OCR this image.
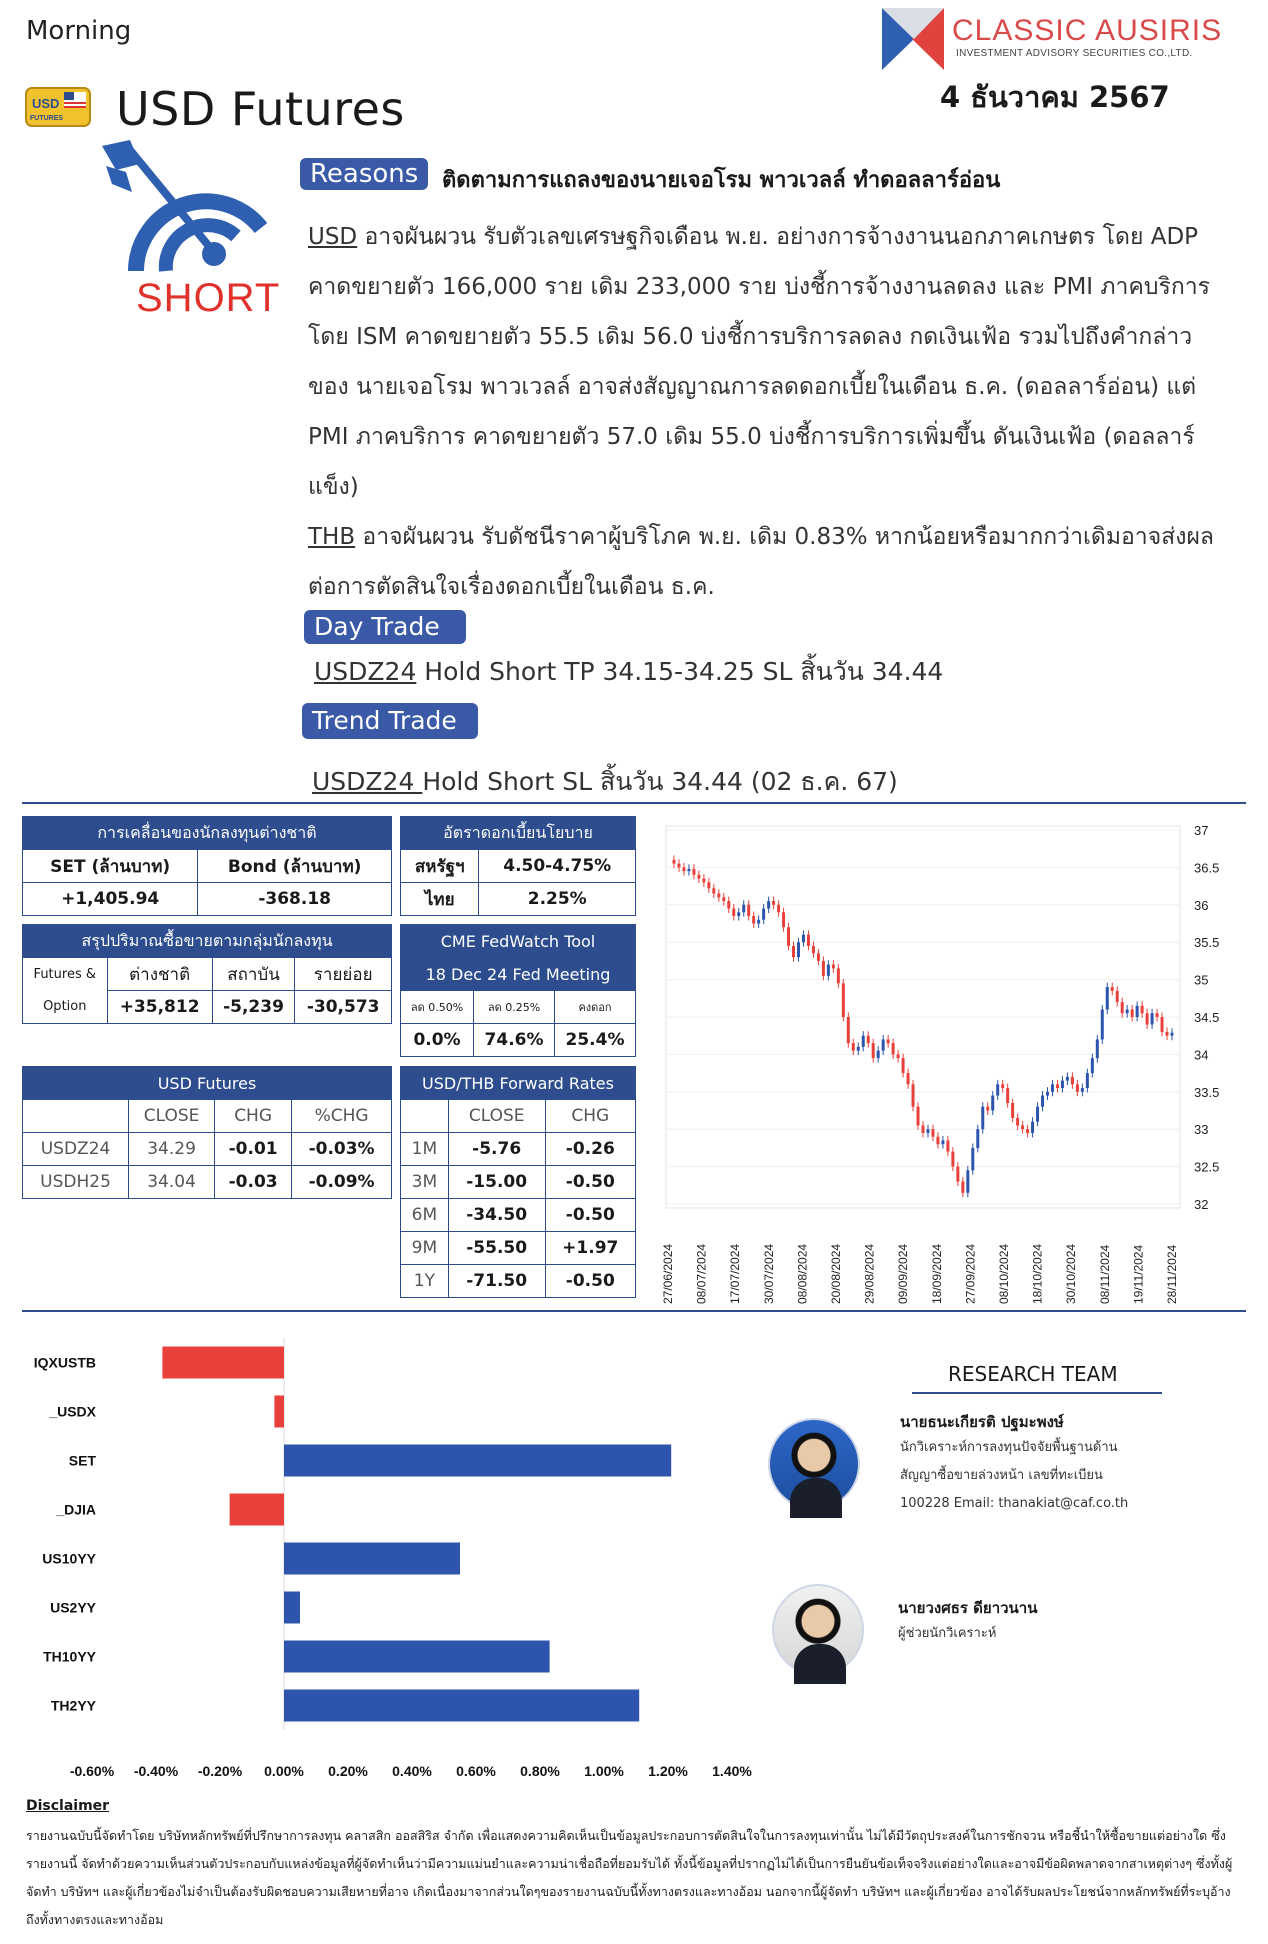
Morning
USD
FUTURES USD Futures
CLASSIC AUSIRIS
INVESTMENT ADVISORY SECURITIES CO.,LTD.
4 ธันวาคม 2567
SHORT
Reasons	ติดตามการแถลงของนายเจอโรม พาวเวลล์ ทำดอลลาร์อ่อน
USD อาจผันผวน รับตัวเลขเศรษฐกิจเดือน พ.ย. อย่างการจ้างงานนอกภาคเกษตร โดย ADP คาดขยายตัว 166,000 ราย เดิม 233,000 ราย บ่งชี้การจ้างงานลดลง และ PMI ภาคบริการ โดย ISM คาดขยายตัว 55.5 เดิม 56.0 บ่งชี้การบริการลดลง กดเงินเฟ้อ รวมไปถึงคำกล่าวของ นายเจอโรม พาวเวลล์ อาจส่งสัญญาณการลดดอกเบี้ยในเดือน ธ.ค. (ดอลลาร์อ่อน) แต่ PMI ภาคบริการ คาดขยายตัว 57.0 เดิม 55.0 บ่งชี้การบริการเพิ่มขึ้น ดันเงินเฟ้อ (ดอลลาร์แข็ง)
THB อาจผันผวน รับดัชนีราคาผู้บริโภค พ.ย. เดิม 0.83% หากน้อยหรือมากกว่าเดิมอาจส่งผล ต่อการตัดสินใจเรื่องดอกเบี้ยในเดือน ธ.ค.
Day Trade
USDZ24 Hold Short TP 34.15-34.25 SL สิ้นวัน 34.44
Trend Trade
USDZ24 Hold Short SL สิ้นวัน 34.44 (02 ธ.ค. 67)
การเคลื่อนของนักลงทุนต่างชาติ	
SET (ล้านบาท)	Bond (ล้านบาท)
+1,405.94	-368.18
อัตราดอกเบี้ยนโยบาย	
สหรัฐฯ	4.50-4.75%
ไทย	2.25%
สรุปปริมาณซื้อขายตามกลุ่มนักลงทุน			
Futures &
Option	ต่างชาติ	สถาบัน	รายย่อย
	+35,812	-5,239	-30,573
CME FedWatch Tool		
18 Dec 24 Fed Meeting		
ลด 0.50%	ลด 0.25%	คงดอก
0.0%	74.6%	25.4%
USD Futures			
	CLOSE	CHG	%CHG
USDZ24	34.29	-0.01	-0.03%
USDH25	34.04	-0.03	-0.09%
USD/THB Forward Rates		
	CLOSE	CHG
1M	-5.76	-0.26
3M	-15.00	-0.50
6M	-34.50	-0.50
9M	-55.50	+1.97
1Y	-71.50	-0.50
37
36.5
36
35.5
35
34.5
34
33.5
33
32.5
32
27/06/2024 08/07/2024 17/07/2024 30/07/2024 08/08/2024 20/08/2024 29/08/2024 09/09/2024 18/09/2024 27/09/2024 08/10/2024 18/10/2024 30/10/2024 08/11/2024 19/11/2024 28/11/2024
IQXUSTB
_USDX
SET
_DJIA
US10YY
US2YY
TH10YY
TH2YY
-0.60% -0.40% -0.20% 0.00% 0.20% 0.40% 0.60% 0.80% 1.00% 1.20% 1.40%
RESEARCH TEAM
นายธนะเกียรติ ปฐมะพงษ์
นักวิเคราะห์การลงทุนปัจจัยพื้นฐานด้าน
สัญญาซื้อขายล่วงหน้า เลขที่ทะเบียน
100228 Email: thanakiat@caf.co.th
นายวงศธร ดียาวนาน
ผู้ช่วยนักวิเคราะห์
Disclaimer
รายงานฉบับนี้จัดทำโดย บริษัทหลักทรัพย์ที่ปรึกษาการลงทุน คลาสสิก ออสสิริส จำกัด เพื่อแสดงความคิดเห็นเป็นข้อมูลประกอบการตัดสินใจในการลงทุนเท่านั้น ไม่ได้มีวัตถุประสงค์ในการชักจวน หรือชี้นำให้ซื้อขายแต่อย่างใด ซึ่งรายงานนี้ จัดทำด้วยความเห็นส่วนตัวประกอบกับแหล่งข้อมูลที่ผู้จัดทำเห็นว่ามีความแม่นยำและความน่าเชื่อถือที่ยอมรับได้ ทั้งนี้ข้อมูลที่ปรากฏไม่ได้เป็นการยืนยันข้อเท็จจริงแต่อย่างใดและอาจมีข้อผิดพลาดจากสาเหตุต่างๆ ซึ่งทั้งผู้จัดทำ บริษัทฯ และผู้เกี่ยวข้องไม่จำเป็นต้องรับผิดชอบความเสียหายที่อาจ เกิดเนื่องมาจากส่วนใดๆของรายงานฉบับนี้ทั้งทางตรงและทางอ้อม นอกจากนี้ผู้จัดทำ บริษัทฯ และผู้เกี่ยวข้อง อาจได้รับผลประโยชน์จากหลักทรัพย์ที่ระบุอ้างถึงทั้งทางตรงและทางอ้อม
